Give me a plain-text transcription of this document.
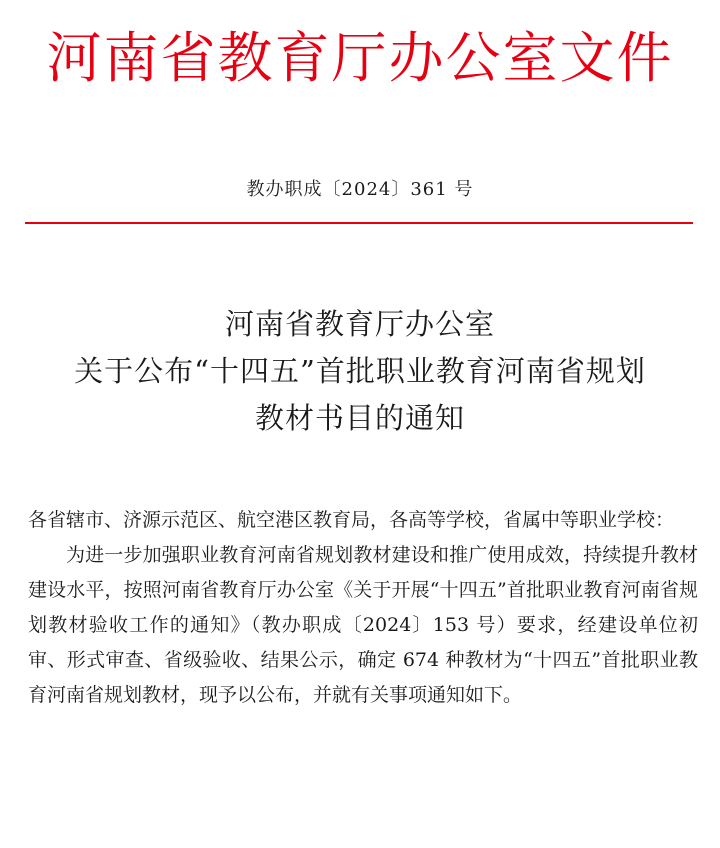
河南省教育厅办公室文件
教办职成〔2024〕361 号
河南省教育厅办公室
关于公布“十四五”首批职业教育河南省规划
教材书目的通知

各省辖市、济源示范区、航空港区教育局，各高等学校，省属中等职业学校：

为进一步加强职业教育河南省规划教材建设和推广使用成效，持续提升教材建设水平，按照河南省教育厅办公室《关于开展“十四五”首批职业教育河南省规划教材验收工作的通知》（教办职成〔2024〕153 号）要求，经建设单位初审、形式审查、省级验收、结果公示，确定 674 种教材为“十四五”首批职业教育河南省规划教材，现予以公布，并就有关事项通知如下。
